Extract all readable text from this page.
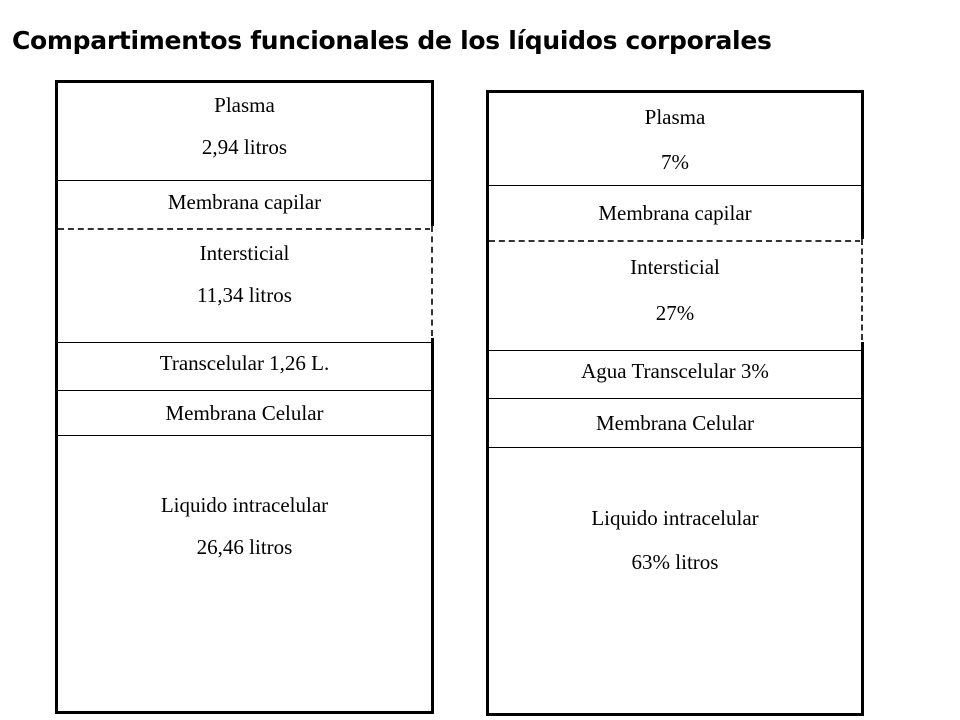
Compartimentos funcionales de los líquidos corporales
Plasma
2,94 litros
Membrana capilar
Intersticial
11,34 litros
Transcelular 1,26 L.
Membrana Celular
Liquido intracelular
26,46 litros
Plasma
7%
Membrana capilar
Intersticial
27%
Agua Transcelular 3%
Membrana Celular
Liquido intracelular
63% litros
